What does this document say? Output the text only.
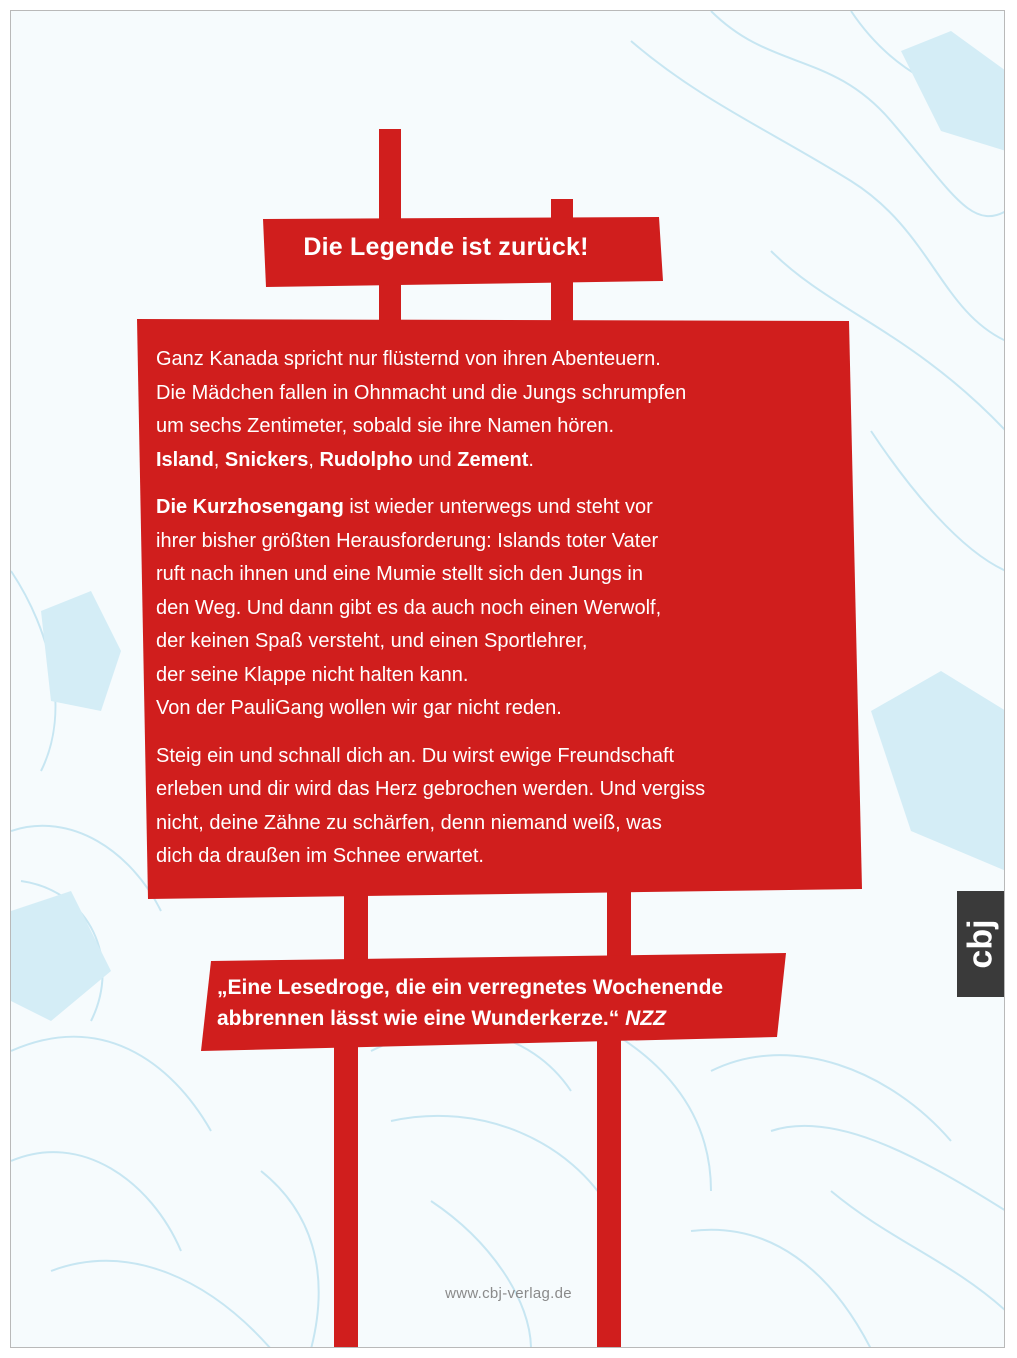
Die Legende ist zurück!

Ganz Kanada spricht nur flüsternd von ihren Abenteuern.
Die Mädchen fallen in Ohnmacht und die Jungs schrumpfen
um sechs Zentimeter, sobald sie ihre Namen hören.
Island, Snickers, Rudolpho und Zement.

Die Kurzhosengang ist wieder unterwegs und steht vor
ihrer bisher größten Herausforderung: Islands toter Vater
ruft nach ihnen und eine Mumie stellt sich den Jungs in
den Weg. Und dann gibt es da auch noch einen Werwolf,
der keinen Spaß versteht, und einen Sportlehrer,
der seine Klappe nicht halten kann.
Von der PauliGang wollen wir gar nicht reden.

Steig ein und schnall dich an. Du wirst ewige Freundschaft
erleben und dir wird das Herz gebrochen werden. Und vergiss
nicht, deine Zähne zu schärfen, denn niemand weiß, was
dich da draußen im Schnee erwartet.

„Eine Lesedroge, die ein verregnetes Wochenende
abbrennen lässt wie eine Wunderkerze.“ NZZ
cbj
www.cbj-verlag.de
